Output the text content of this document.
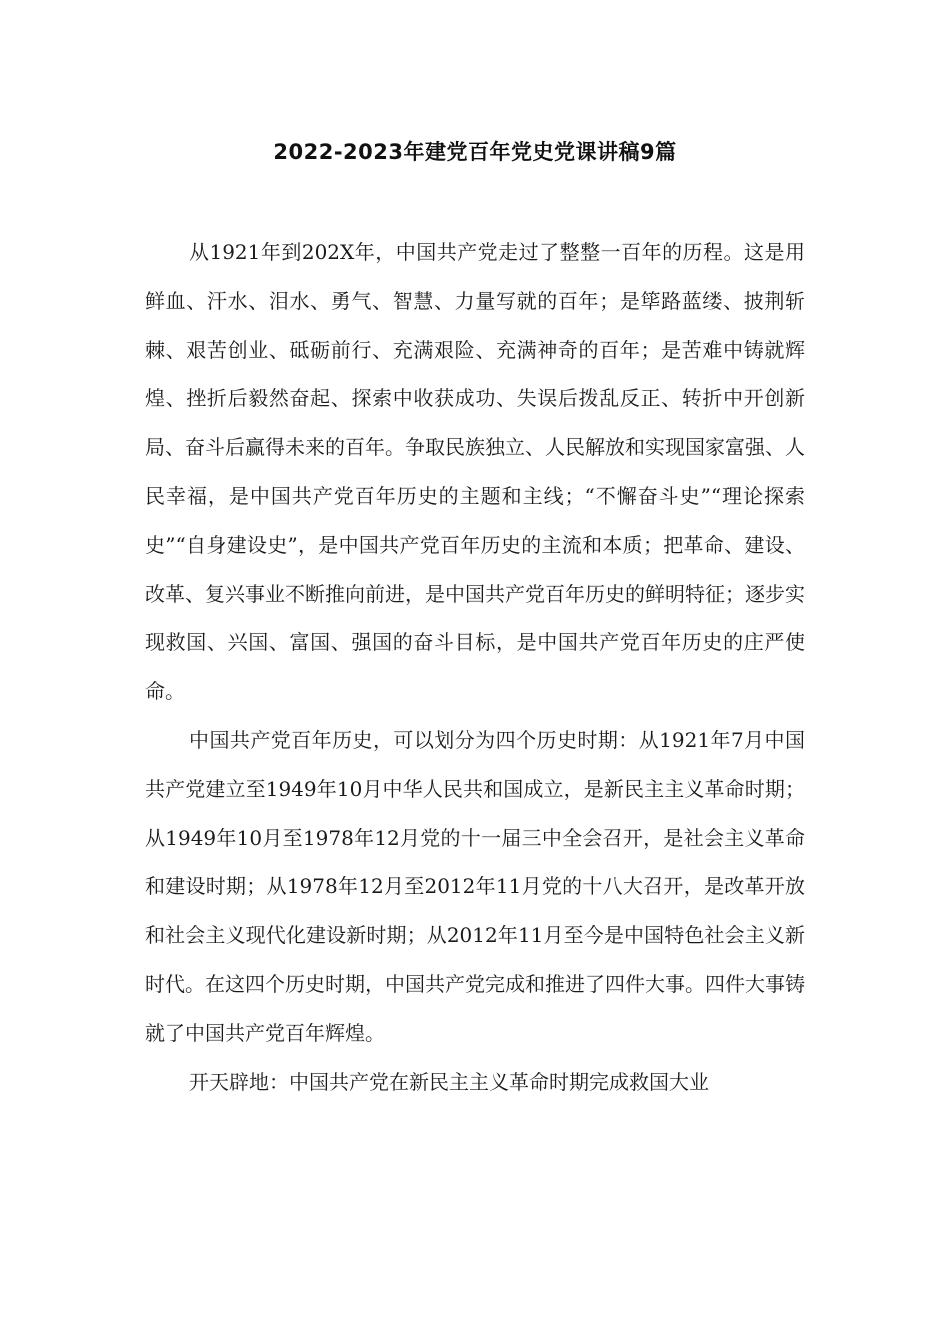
2022-2023年建党百年党史党课讲稿9篇

从1921年到202X年，中国共产党走过了整整一百年的历程。这是用鲜血、汗水、泪水、勇气、智慧、力量写就的百年；是筚路蓝缕、披荆斩棘、艰苦创业、砥砺前行、充满艰险、充满神奇的百年；是苦难中铸就辉煌、挫折后毅然奋起、探索中收获成功、失误后拨乱反正、转折中开创新局、奋斗后赢得未来的百年。争取民族独立、人民解放和实现国家富强、人民幸福，是中国共产党百年历史的主题和主线；“不懈奋斗史”“理论探索史”“自身建设史”，是中国共产党百年历史的主流和本质；把革命、建设、改革、复兴事业不断推向前进，是中国共产党百年历史的鲜明特征；逐步实现救国、兴国、富国、强国的奋斗目标，是中国共产党百年历史的庄严使命。

中国共产党百年历史，可以划分为四个历史时期：从1921年7月中国共产党建立至1949年10月中华人民共和国成立，是新民主主义革命时期；从1949年10月至1978年12月党的十一届三中全会召开，是社会主义革命和建设时期；从1978年12月至2012年11月党的十八大召开，是改革开放和社会主义现代化建设新时期；从2012年11月至今是中国特色社会主义新时代。在这四个历史时期，中国共产党完成和推进了四件大事。四件大事铸就了中国共产党百年辉煌。

开天辟地：中国共产党在新民主主义革命时期完成救国大业
